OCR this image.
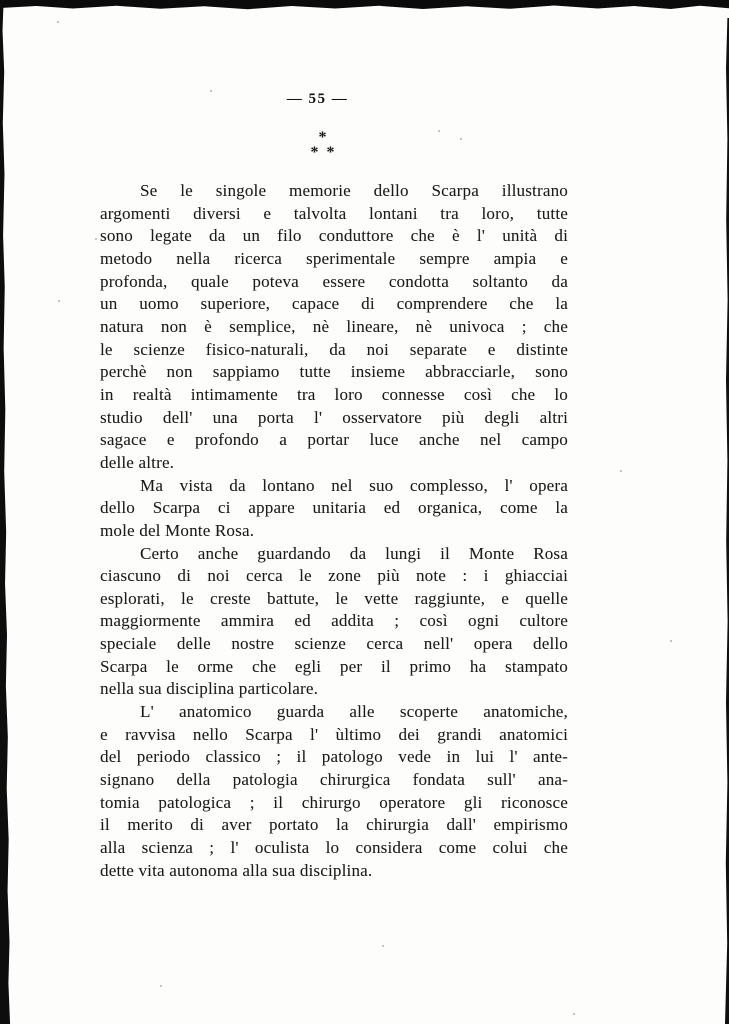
— 55 —
*
* *
Se le singole memorie dello Scarpa illustrano
argomenti diversi e talvolta lontani tra loro, tutte
sono legate da un filo conduttore che è l' unità di
metodo nella ricerca sperimentale sempre ampia e
profonda, quale poteva essere condotta soltanto da
un uomo superiore, capace di comprendere che la
natura non è semplice, nè lineare, nè univoca ; che
le scienze fisico-naturali, da noi separate e distinte
perchè non sappiamo tutte insieme abbracciarle, sono
in realtà intimamente tra loro connesse così che lo
studio dell' una porta l' osservatore più degli altri
sagace e profondo a portar luce anche nel campo
delle altre.
Ma vista da lontano nel suo complesso, l' opera
dello Scarpa ci appare unitaria ed organica, come la
mole del Monte Rosa.
Certo anche guardando da lungi il Monte Rosa
ciascuno di noi cerca le zone più note : i ghiacciai
esplorati, le creste battute, le vette raggiunte, e quelle
maggiormente ammira ed addita ; così ogni cultore
speciale delle nostre scienze cerca nell' opera dello
Scarpa le orme che egli per il primo ha stampato
nella sua disciplina particolare.
L' anatomico guarda alle scoperte anatomiche,
e ravvisa nello Scarpa l' ùltimo dei grandi anatomici
del periodo classico ; il patologo vede in lui l' ante-
signano della patologia chirurgica fondata sull' ana-
tomia patologica ; il chirurgo operatore gli riconosce
il merito di aver portato la chirurgia dall' empirismo
alla scienza ; l' oculista lo considera come colui che
dette vita autonoma alla sua disciplina.
